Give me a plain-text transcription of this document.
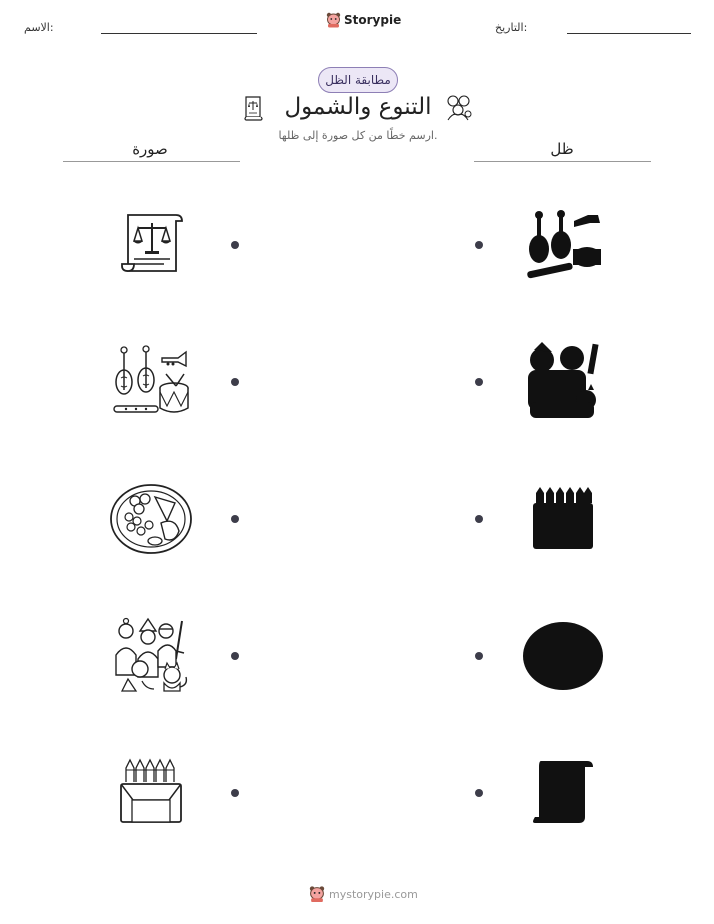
الاسم:
Storypie
التاريخ:
مطابقة الظل
التنوع والشمول
ارسم خطًا من كل صورة إلى ظلها.
صورة	ظل
mystorypie.com
